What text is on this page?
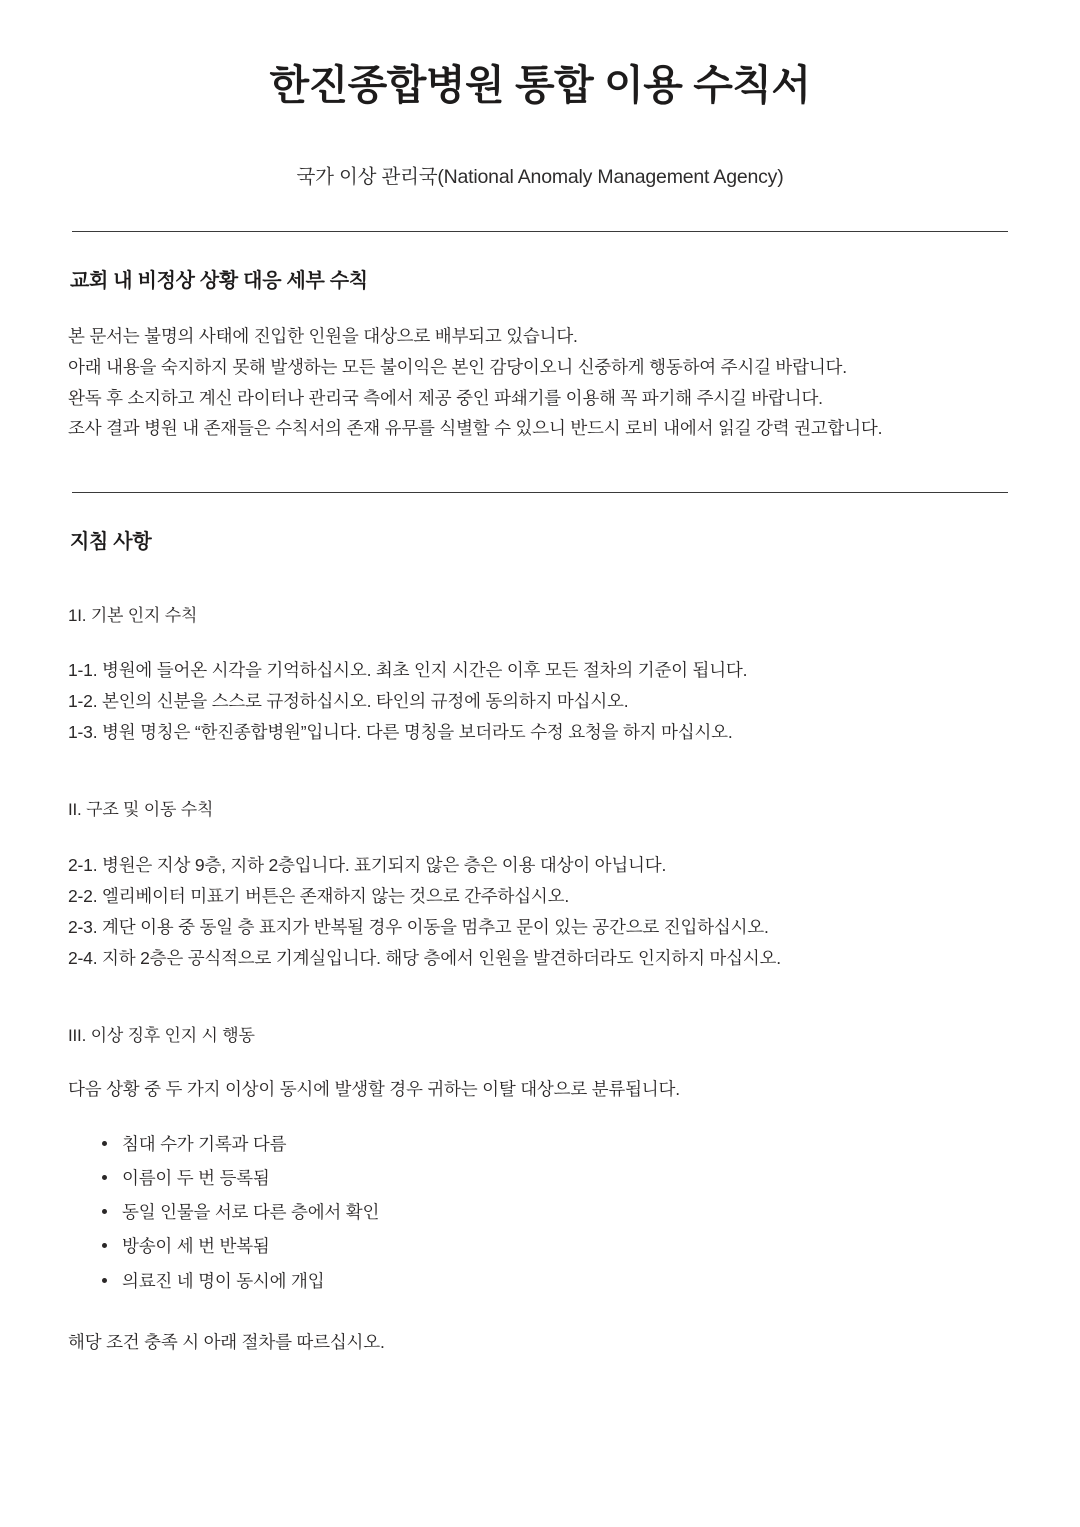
한진종합병원 통합 이용 수칙서
국가 이상 관리국(National Anomaly Management Agency)
교회 내 비정상 상황 대응 세부 수칙
본 문서는 불명의 사태에 진입한 인원을 대상으로 배부되고 있습니다.
아래 내용을 숙지하지 못해 발생하는 모든 불이익은 본인 감당이오니 신중하게 행동하여 주시길 바랍니다.
완독 후 소지하고 계신 라이터나 관리국 측에서 제공 중인 파쇄기를 이용해 꼭 파기해 주시길 바랍니다.
조사 결과 병원 내 존재들은 수칙서의 존재 유무를 식별할 수 있으니 반드시 로비 내에서 읽길 강력 권고합니다.
지침 사항
1I. 기본 인지 수칙
1-1. 병원에 들어온 시각을 기억하십시오. 최초 인지 시간은 이후 모든 절차의 기준이 됩니다.
1-2. 본인의 신분을 스스로 규정하십시오. 타인의 규정에 동의하지 마십시오.
1-3. 병원 명칭은 “한진종합병원”입니다. 다른 명칭을 보더라도 수정 요청을 하지 마십시오.
II. 구조 및 이동 수칙
2-1. 병원은 지상 9층, 지하 2층입니다. 표기되지 않은 층은 이용 대상이 아닙니다.
2-2. 엘리베이터 미표기 버튼은 존재하지 않는 것으로 간주하십시오.
2-3. 계단 이용 중 동일 층 표지가 반복될 경우 이동을 멈추고 문이 있는 공간으로 진입하십시오.
2-4. 지하 2층은 공식적으로 기계실입니다. 해당 층에서 인원을 발견하더라도 인지하지 마십시오.
III. 이상 징후 인지 시 행동
다음 상황 중 두 가지 이상이 동시에 발생할 경우 귀하는 이탈 대상으로 분류됩니다.
침대 수가 기록과 다름
이름이 두 번 등록됨
동일 인물을 서로 다른 층에서 확인
방송이 세 번 반복됨
의료진 네 명이 동시에 개입
해당 조건 충족 시 아래 절차를 따르십시오.
